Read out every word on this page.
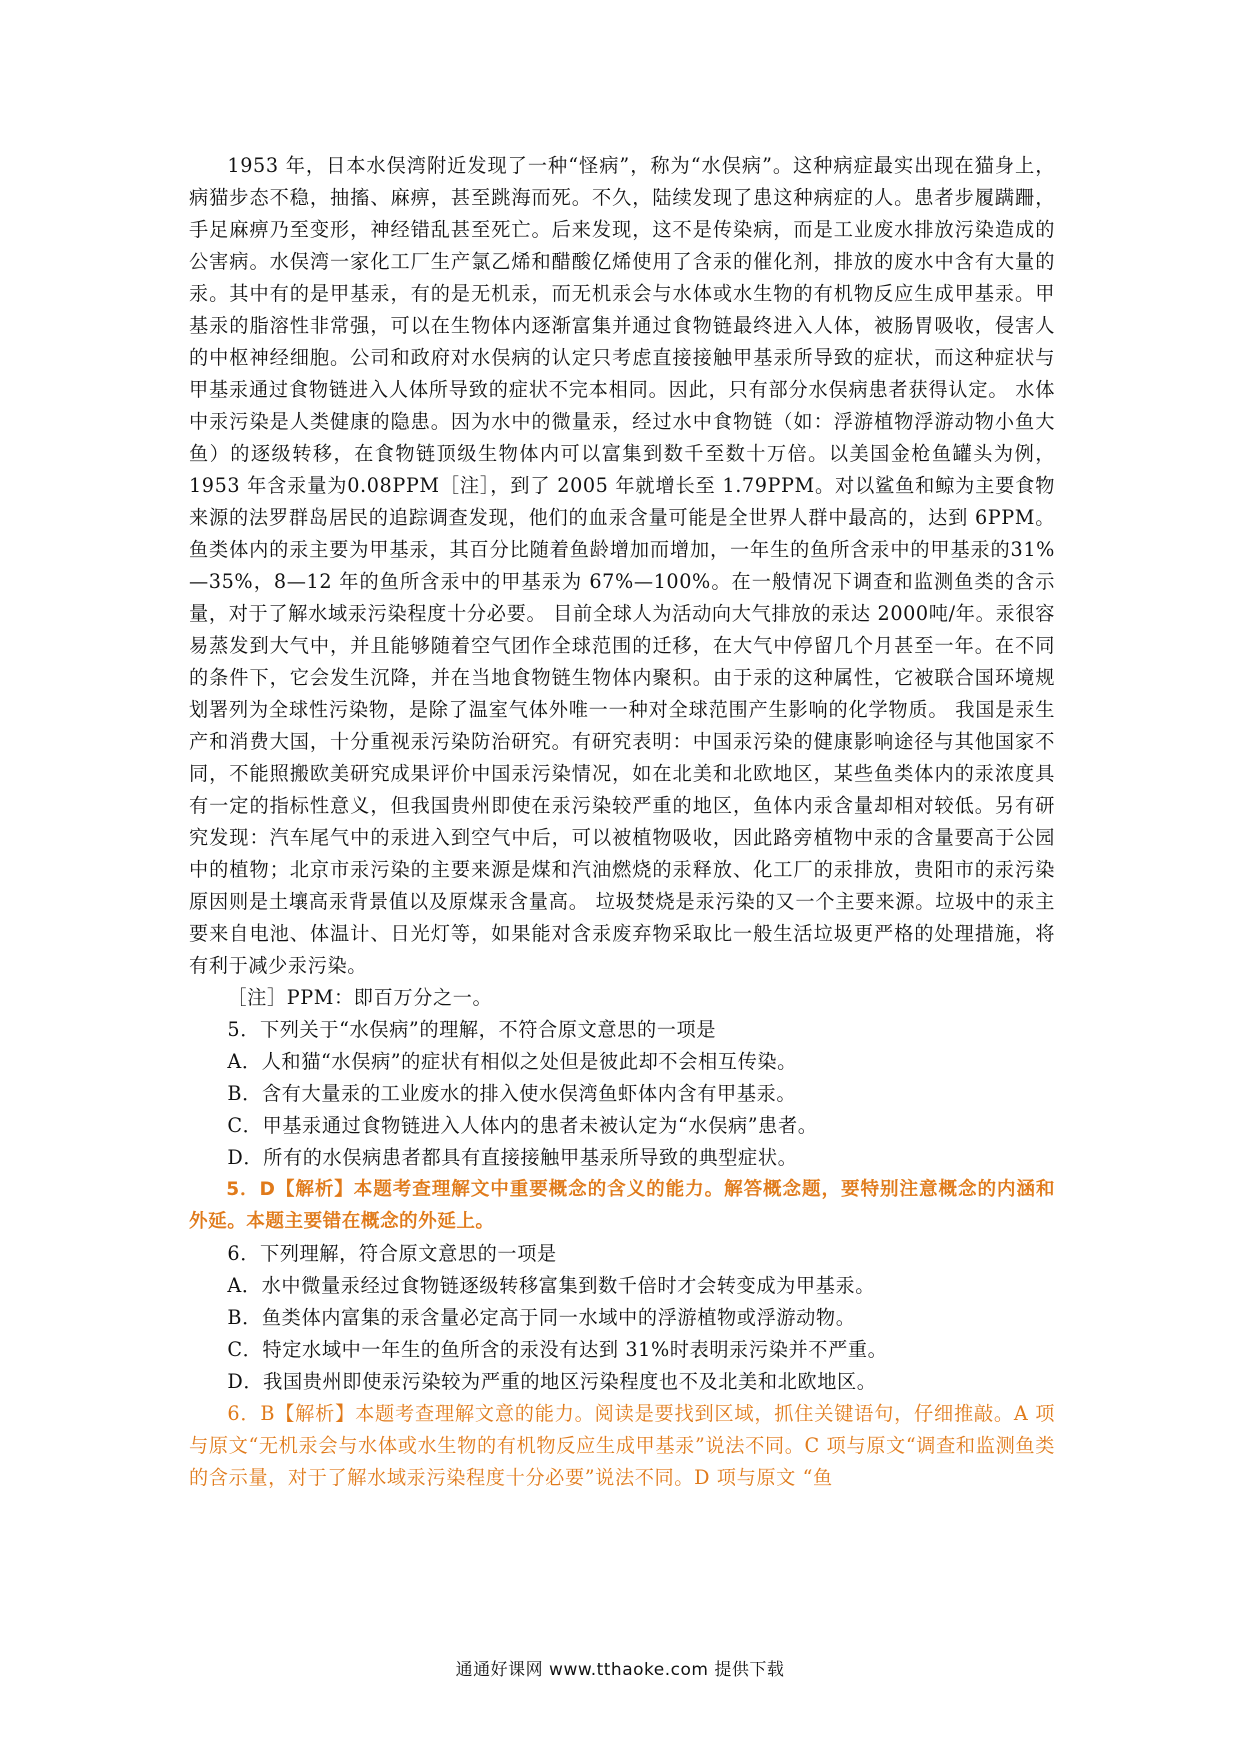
1953 年，日本水俣湾附近发现了一种“怪病”，称为“水俣病”。这种病症最实出现在猫身上，病猫步态不稳，抽搐、麻痹，甚至跳海而死。不久，陆续发现了患这种病症的人。患者步履蹒跚，手足麻痹乃至变形，神经错乱甚至死亡。后来发现，这不是传染病，而是工业废水排放污染造成的公害病。水俣湾一家化工厂生产氯乙烯和醋酸亿烯使用了含汞的催化剂，排放的废水中含有大量的汞。其中有的是甲基汞，有的是无机汞，而无机汞会与水体或水生物的有机物反应生成甲基汞。甲基汞的脂溶性非常强，可以在生物体内逐渐富集并通过食物链最终进入人体，被肠胃吸收，侵害人的中枢神经细胞。公司和政府对水俣病的认定只考虑直接接触甲基汞所导致的症状，而这种症状与甲基汞通过食物链进入人体所导致的症状不完本相同。因此，只有部分水俣病患者获得认定。 水体中汞污染是人类健康的隐患。因为水中的微量汞，经过水中食物链（如：浮游植物浮游动物小鱼大鱼）的逐级转移，在食物链顶级生物体内可以富集到数千至数十万倍。以美国金枪鱼罐头为例，1953 年含汞量为0.08PPM［注］，到了 2005 年就增长至 1.79PPM。对以鲨鱼和鲸为主要食物来源的法罗群岛居民的追踪调查发现，他们的血汞含量可能是全世界人群中最高的，达到 6PPM。鱼类体内的汞主要为甲基汞，其百分比随着鱼龄增加而增加，一年生的鱼所含汞中的甲基汞的31%—35%，8—12 年的鱼所含汞中的甲基汞为 67%—100%。在一般情况下调查和监测鱼类的含示量，对于了解水域汞污染程度十分必要。 目前全球人为活动向大气排放的汞达 2000吨/年。汞很容易蒸发到大气中，并且能够随着空气团作全球范围的迁移，在大气中停留几个月甚至一年。在不同的条件下，它会发生沉降，并在当地食物链生物体内聚积。由于汞的这种属性，它被联合国环境规划署列为全球性污染物，是除了温室气体外唯一一种对全球范围产生影响的化学物质。 我国是汞生产和消费大国，十分重视汞污染防治研究。有研究表明：中国汞污染的健康影响途径与其他国家不同，不能照搬欧美研究成果评价中国汞污染情况，如在北美和北欧地区，某些鱼类体内的汞浓度具有一定的指标性意义，但我国贵州即使在汞污染较严重的地区，鱼体内汞含量却相对较低。另有研究发现：汽车尾气中的汞进入到空气中后，可以被植物吸收，因此路旁植物中汞的含量要高于公园中的植物；北京市汞污染的主要来源是煤和汽油燃烧的汞释放、化工厂的汞排放，贵阳市的汞污染原因则是土壤高汞背景值以及原煤汞含量高。 垃圾焚烧是汞污染的又一个主要来源。垃圾中的汞主要来自电池、体温计、日光灯等，如果能对含汞废弃物采取比一般生活垃圾更严格的处理措施，将有利于减少汞污染。

［注］PPM：即百万分之一。

5．下列关于“水俣病”的理解，不符合原文意思的一项是

A．人和猫“水俣病”的症状有相似之处但是彼此却不会相互传染。

B．含有大量汞的工业废水的排入使水俣湾鱼虾体内含有甲基汞。

C．甲基汞通过食物链进入人体内的患者未被认定为“水俣病”患者。

D．所有的水俣病患者都具有直接接触甲基汞所导致的典型症状。

5．D【解析】本题考查理解文中重要概念的含义的能力。解答概念题，要特别注意概念的内涵和外延。本题主要错在概念的外延上。

6．下列理解，符合原文意思的一项是

A．水中微量汞经过食物链逐级转移富集到数千倍时才会转变成为甲基汞。

B．鱼类体内富集的汞含量必定高于同一水域中的浮游植物或浮游动物。

C．特定水域中一年生的鱼所含的汞没有达到 31%时表明汞污染并不严重。

D．我国贵州即使汞污染较为严重的地区污染程度也不及北美和北欧地区。

6．B【解析】本题考查理解文意的能力。阅读是要找到区域，抓住关键语句，仔细推敲。A 项与原文“无机汞会与水体或水生物的有机物反应生成甲基汞”说法不同。C 项与原文“调查和监测鱼类的含示量，对于了解水域汞污染程度十分必要”说法不同。D 项与原文 “鱼

通通好课网 www.tthaoke.com 提供下载
